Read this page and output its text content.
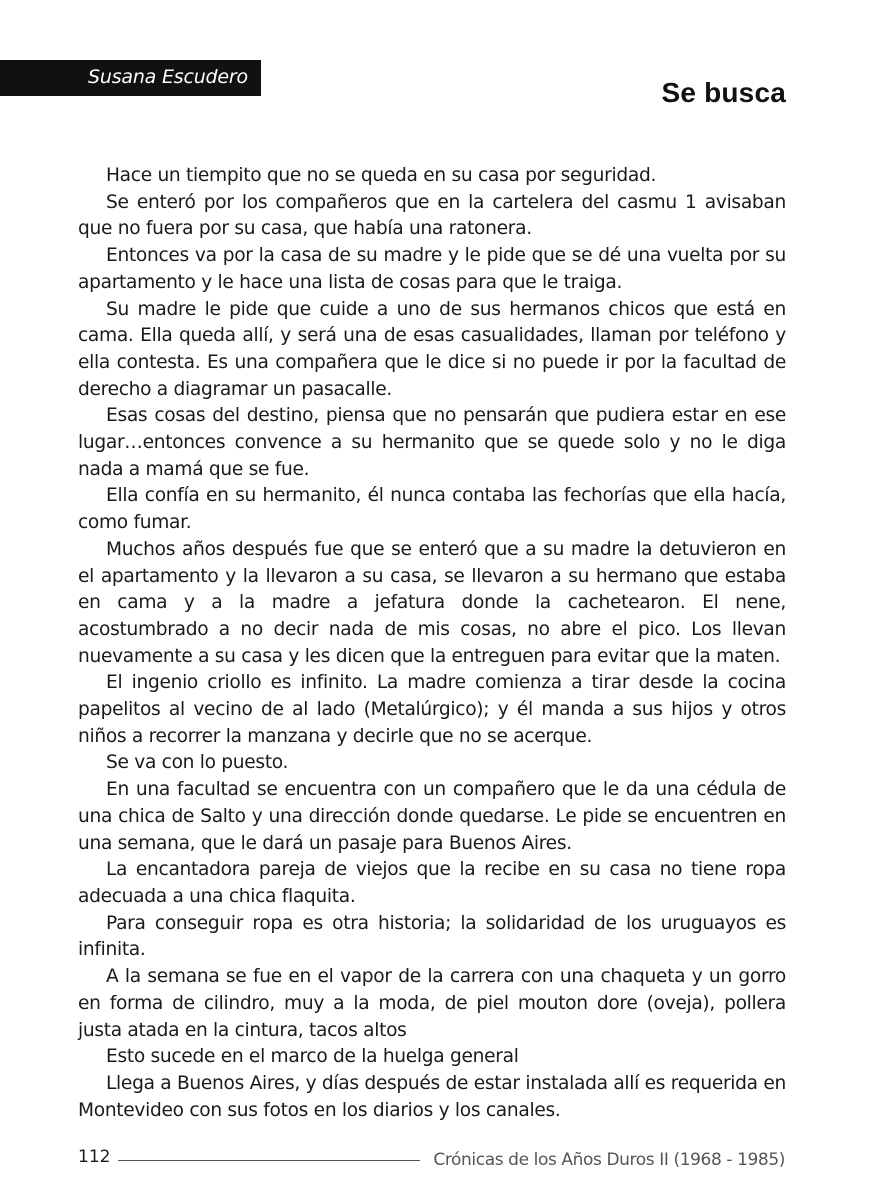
Susana Escudero	Se busca

Hace un tiempito que no se queda en su casa por seguridad.

Se enteró por los compañeros que en la cartelera del casmu 1 avisaban que no fuera por su casa, que había una ratonera.

Entonces va por la casa de su madre y le pide que se dé una vuelta por su apartamento y le hace una lista de cosas para que le traiga.

Su madre le pide que cuide a uno de sus hermanos chicos que está en cama. Ella queda allí, y será una de esas casualidades, llaman por teléfono y ella contesta. Es una compañera que le dice si no puede ir por la facultad de derecho a diagramar un pasacalle.

Esas cosas del destino, piensa que no pensarán que pudiera estar en ese lugar…entonces convence a su hermanito que se quede solo y no le diga nada a mamá que se fue.

Ella confía en su hermanito, él nunca contaba las fechorías que ella hacía, como fumar.

Muchos años después fue que se enteró que a su madre la detuvieron en el apartamento y la llevaron a su casa, se llevaron a su hermano que estaba en cama y a la madre a jefatura donde la cachetearon. El nene, acostumbrado a no decir nada de mis cosas, no abre el pico. Los llevan nuevamente a su casa y les dicen que la entreguen para evitar que la maten.

El ingenio criollo es infinito. La madre comienza a tirar desde la cocina papelitos al vecino de al lado (Metalúrgico); y él manda a sus hijos y otros niños a recorrer la manzana y decirle que no se acerque.

Se va con lo puesto.

En una facultad se encuentra con un compañero que le da una cédula de una chica de Salto y una dirección donde quedarse. Le pide se encuentren en una semana, que le dará un pasaje para Buenos Aires.

La encantadora pareja de viejos que la recibe en su casa no tiene ropa adecuada a una chica flaquita.

Para conseguir ropa es otra historia; la solidaridad de los uruguayos es infinita.

A la semana se fue en el vapor de la carrera con una chaqueta y un gorro en forma de cilindro, muy a la moda, de piel mouton dore (oveja), pollera justa atada en la cintura, tacos altos

Esto sucede en el marco de la huelga general

Llega a Buenos Aires, y días después de estar instalada allí es requerida en Montevideo con sus fotos en los diarios y los canales.

112	Crónicas de los Años Duros II (1968 - 1985)
